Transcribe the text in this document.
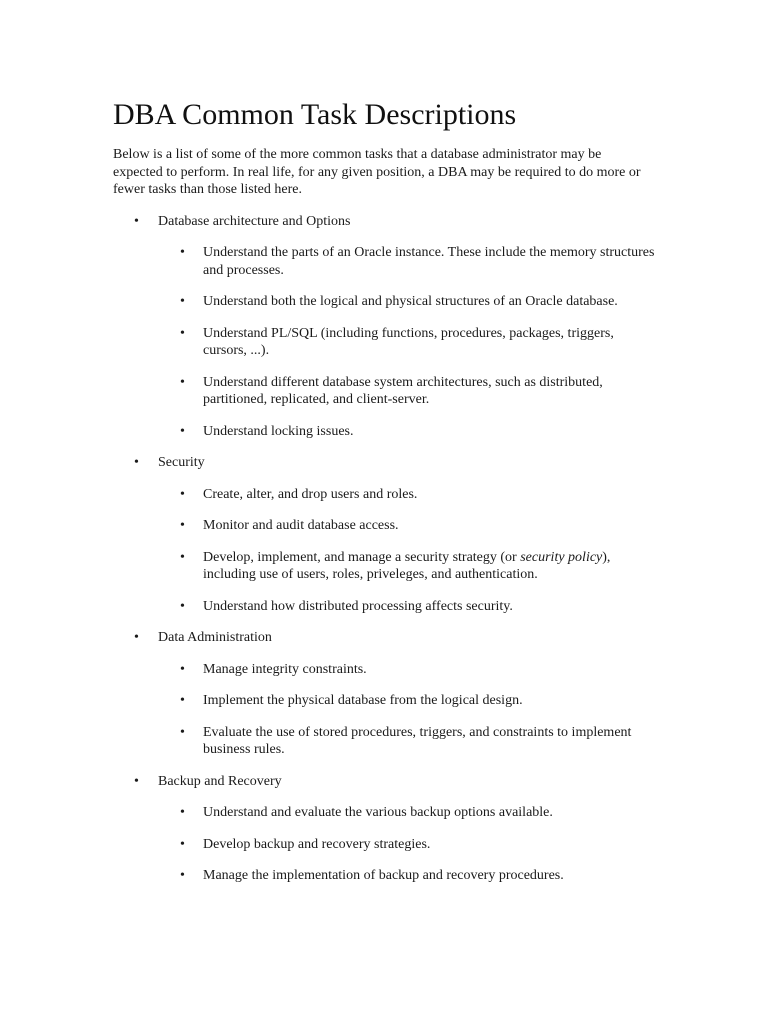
DBA Common Task Descriptions

Below is a list of some of the more common tasks that a database administrator may be expected to perform. In real life, for any given position, a DBA may be required to do more or fewer tasks than those listed here.

• Database architecture and Options
• Understand the parts of an Oracle instance. These include the memory structures and processes.
• Understand both the logical and physical structures of an Oracle database.
• Understand PL/SQL (including functions, procedures, packages, triggers, cursors, ...).
• Understand different database system architectures, such as distributed, partitioned, replicated, and client-server.
• Understand locking issues.
• Security
• Create, alter, and drop users and roles.
• Monitor and audit database access.
• Develop, implement, and manage a security strategy (or security policy), including use of users, roles, priveleges, and authentication.
• Understand how distributed processing affects security.
• Data Administration
• Manage integrity constraints.
• Implement the physical database from the logical design.
• Evaluate the use of stored procedures, triggers, and constraints to implement business rules.
• Backup and Recovery
• Understand and evaluate the various backup options available.
• Develop backup and recovery strategies.
• Manage the implementation of backup and recovery procedures.
